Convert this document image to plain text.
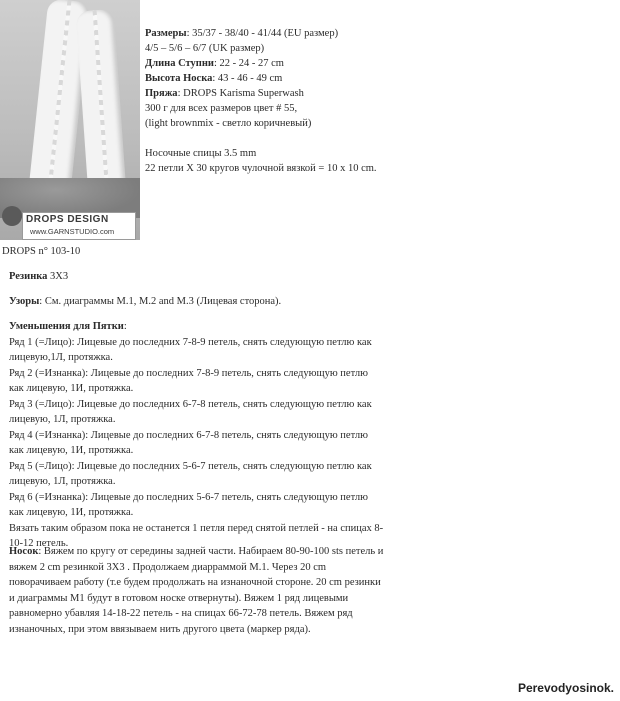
DROPS DESIGN
www.GARNSTUDIO.com
Размеры: 35/37 - 38/40 - 41/44 (EU размер)
4/5 – 5/6 – 6/7 (UK размер)
Длина Ступни: 22 - 24 - 27 cm
Высота Носка: 43 - 46 - 49 cm
Пряжа: DROPS Karisma Superwash
300 г для всех размеров цвет # 55,
(light brownmix - светло коричневый)
Носочные спицы 3.5 mm
22 петли Х 30 кругов чулочной вязкой = 10 х 10 cm.
DROPS n° 103-10
Резинка 3Х3
Узоры: См. диаграммы М.1, М.2 and М.3 (Лицевая сторона).
Уменьшения для Пятки:
Ряд 1 (=Лицо): Лицевые до последних 7-8-9 петель, снять следующую петлю как
лицевую,1Л, протяжка.
Ряд 2 (=Изнанка): Лицевые до последних 7-8-9 петель, снять следующую петлю
как лицевую, 1И, протяжка.
Ряд 3 (=Лицо): Лицевые до последних 6-7-8 петель, снять следующую петлю как
лицевую, 1Л, протяжка.
Ряд 4 (=Изнанка): Лицевые до последних 6-7-8 петель, снять следующую петлю
как лицевую, 1И, протяжка.
Ряд 5 (=Лицо): Лицевые до последних 5-6-7 петель, снять следующую петлю как
лицевую, 1Л, протяжка.
Ряд 6 (=Изнанка): Лицевые до последних 5-6-7 петель, снять следующую петлю
как лицевую, 1И, протяжка.
Вязать таким образом пока не останется 1 петля перед снятой петлей - на спицах 8-
10-12 петель.
Носок: Вяжем по кругу от середины задней части. Набираем 80-90-100 sts петель и
вяжем 2 cm резинкой 3Х3 . Продолжаем диарраммой М.1. Через 20 cm
поворачиваем работу (т.е будем продолжать на изнаночной стороне. 20 cm резинки
и диаграммы М1 будут в готовом носке отвернуты). Вяжем 1 ряд лицевыми
равномерно убавляя 14-18-22 петель - на спицах 66-72-78 петель. Вяжем ряд
изнаночных, при этом ввязываем нить другого цвета (маркер ряда).
Perevodyosinok.
